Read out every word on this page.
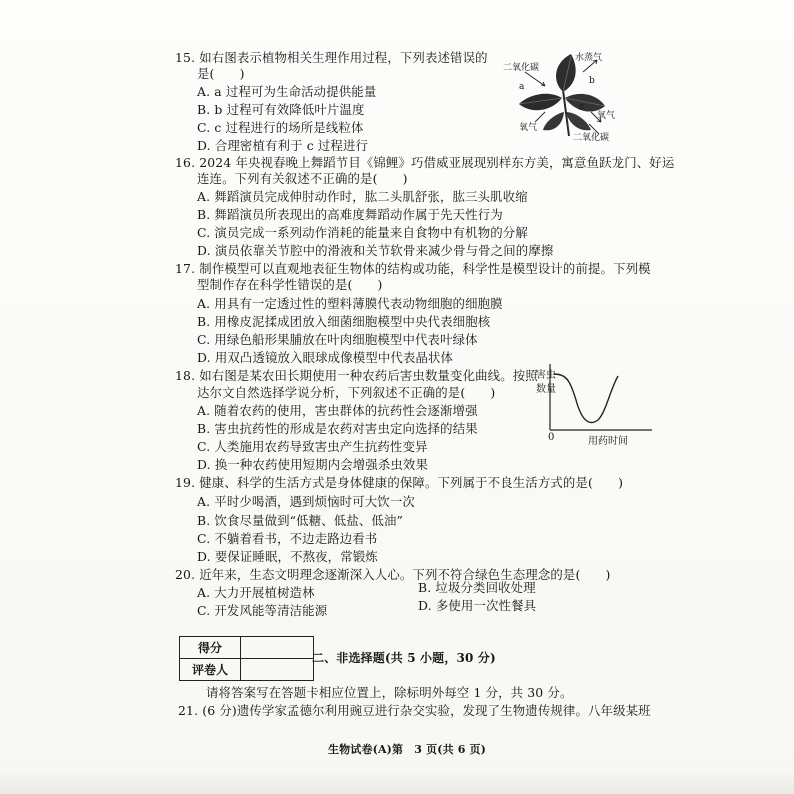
15. 如右图表示植物相关生理作用过程，下列表述错误的
是(　　)
A. a 过程可为生命活动提供能量
B. b 过程可有效降低叶片温度
C. c 过程进行的场所是线粒体
D. 合理密植有利于 c 过程进行
二氧化碳
水蒸气
a
b
c
氧气
氧气
二氧化碳
16. 2024 年央视春晚上舞蹈节目《锦鲤》巧借威亚展现别样东方美，寓意鱼跃龙门、好运
连连。下列有关叙述不正确的是(　　)
A. 舞蹈演员完成伸肘动作时，肱二头肌舒张，肱三头肌收缩
B. 舞蹈演员所表现出的高难度舞蹈动作属于先天性行为
C. 演员完成一系列动作消耗的能量来自食物中有机物的分解
D. 演员依靠关节腔中的滑液和关节软骨来减少骨与骨之间的摩擦
17. 制作模型可以直观地表征生物体的结构或功能，科学性是模型设计的前提。下列模
型制作存在科学性错误的是(　　)
A. 用具有一定透过性的塑料薄膜代表动物细胞的细胞膜
B. 用橡皮泥揉成团放入细菌细胞模型中央代表细胞核
C. 用绿色船形果脯放在叶肉细胞模型中代表叶绿体
D. 用双凸透镜放入眼球成像模型中代表晶状体
18. 如右图是某农田长期使用一种农药后害虫数量变化曲线。按照
达尔文自然选择学说分析，下列叙述不正确的是(　　)
A. 随着农药的使用，害虫群体的抗药性会逐渐增强
B. 害虫抗药性的形成是农药对害虫定向选择的结果
C. 人类施用农药导致害虫产生抗药性变异
D. 换一种农药使用短期内会增强杀虫效果
害虫
数量
0	用药时间
19. 健康、科学的生活方式是身体健康的保障。下列属于不良生活方式的是(　　)
A. 平时少喝酒，遇到烦恼时可大饮一次
B. 饮食尽量做到“低糖、低盐、低油”
C. 不躺着看书，不边走路边看书
D. 要保证睡眠，不熬夜，常锻炼
20. 近年来，生态文明理念逐渐深入人心。下列不符合绿色生态理念的是(　　)
A. 大力开展植树造林	B. 垃圾分类回收处理
C. 开发风能等清洁能源	D. 多使用一次性餐具
得分	
评卷人	
二、非选择题(共 5 小题，30 分)
请将答案写在答题卡相应位置上，除标明外每空 1 分，共 30 分。
21. (6 分)遗传学家孟德尔利用豌豆进行杂交实验，发现了生物遗传规律。八年级某班
生物试卷(A)第　3 页(共 6 页)
